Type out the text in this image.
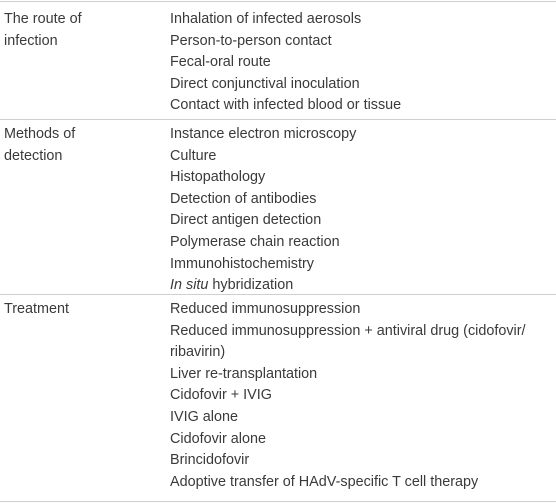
The route of
infection
Inhalation of infected aerosols
Person-to-person contact
Fecal-oral route
Direct conjunctival inoculation
Contact with infected blood or tissue
Methods of
detection
Instance electron microscopy
Culture
Histopathology
Detection of antibodies
Direct antigen detection
Polymerase chain reaction
Immunohistochemistry
In situ hybridization
Treatment	Reduced immunosuppression
Reduced immunosuppression + antiviral drug (cidofovir/ ribavirin)
Liver re-transplantation
Cidofovir + IVIG
IVIG alone
Cidofovir alone
Brincidofovir
Adoptive transfer of HAdV-specific T cell therapy
